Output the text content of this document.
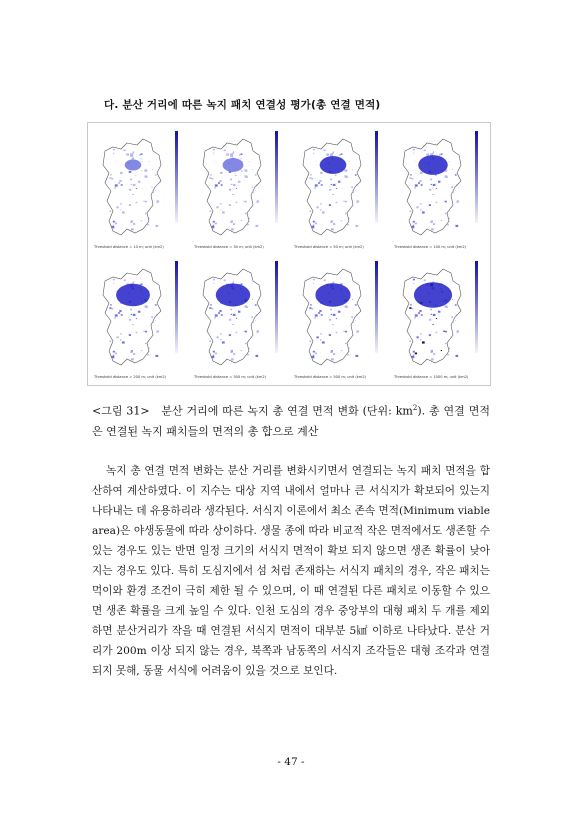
다. 분산 거리에 따른 녹지 패치 연결성 평가(총 연결 면적)
Threshold distance = 10 m; unit (km2)	Threshold distance = 30 m; unit (km2)	Threshold distance = 50 m; unit (km2)	Threshold distance = 100 m; unit (km2)
Threshold distance = 200 m; unit (km2)	Threshold distance = 300 m; unit (km2)	Threshold distance = 500 m; unit (km2)	Threshold distance = 1000 m; unit (km2)
<그림 31> 분산 거리에 따른 녹지 총 연결 면적 변화 (단위: $km^2$). 총 연결 면적은 연결된 녹지 패치들의 면적의 총 합으로 계산
녹지 총 연결 면적 변화는 분산 거리를 변화시키면서 연결되는 녹지 패치 면적을 합산하여 계산하였다. 이 지수는 대상 지역 내에서 얼마나 큰 서식지가 확보되어 있는지 나타내는 데 유용하리라 생각된다. 서식지 이론에서 최소 존속 면적(Minimum viable area)은 야생동물에 따라 상이하다. 생물 종에 따라 비교적 작은 면적에서도 생존할 수 있는 경우도 있는 반면 일정 크기의 서식지 면적이 확보 되지 않으면 생존 확률이 낮아지는 경우도 있다. 특히 도심지에서 섬 처럼 존재하는 서식지 패치의 경우, 작은 패치는 먹이와 환경 조건이 극히 제한 될 수 있으며, 이 때 연결된 다른 패치로 이동할 수 있으면 생존 확률을 크게 높일 수 있다. 인천 도심의 경우 중앙부의 대형 패치 두 개를 제외하면 분산거리가 작을 때 연결된 서식지 면적이 대부분 5㎢ 이하로 나타났다. 분산 거리가 200m 이상 되지 않는 경우, 북쪽과 남동쪽의 서식지 조각들은 대형 조각과 연결되지 못해, 동물 서식에 어려움이 있을 것으로 보인다.
- 47 -
